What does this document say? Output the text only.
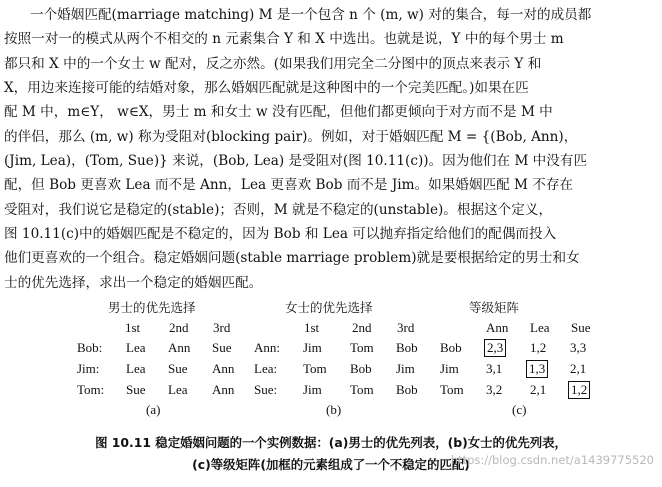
一个婚姻匹配(marriage matching) M 是一个包含 n 个 (m, w) 对的集合，每一对的成员都
按照一对一的模式从两个不相交的 n 元素集合 Y 和 X 中选出。也就是说，Y 中的每个男士 m
都只和 X 中的一个女士 w 配对，反之亦然。(如果我们用完全二分图中的顶点来表示 Y 和
X，用边来连接可能的结婚对象，那么婚姻匹配就是这种图中的一个完美匹配。)如果在匹
配 M 中，m∈Y， w∈X，男士 m 和女士 w 没有匹配，但他们都更倾向于对方而不是 M 中
的伴侣，那么 (m, w) 称为受阻对(blocking pair)。例如，对于婚姻匹配 M = {(Bob, Ann)，
(Jim, Lea)，(Tom, Sue)} 来说，(Bob, Lea) 是受阻对(图 10.11(c))。因为他们在 M 中没有匹
配，但 Bob 更喜欢 Lea 而不是 Ann，Lea 更喜欢 Bob 而不是 Jim。如果婚姻匹配 M 不存在
受阻对，我们说它是稳定的(stable)；否则，M 就是不稳定的(unstable)。根据这个定义，
图 10.11(c)中的婚姻匹配是不稳定的，因为 Bob 和 Lea 可以抛弃指定给他们的配偶而投入
他们更喜欢的一个组合。稳定婚姻问题(stable marriage problem)就是要根据给定的男士和女
士的优先选择，求出一个稳定的婚姻匹配。
男士的优先选择
1st 2nd 3rd
Bob: Lea Ann Sue
Jim: Lea Sue Ann
Tom: Sue Lea Ann
(a)
女士的优先选择
1st	2nd 3rd
Ann: Jim Tom Bob
Lea: Tom Bob Jim
Sue: Jim Tom Bob
(b)
等级矩阵
Ann Lea Sue
Bob 2,3 1,2 3,3
Jim 3,1 1,3 2,1
Tom 3,2 2,1 1,2
(c)
图 10.11 稳定婚姻问题的一个实例数据：(a)男士的优先列表，(b)女士的优先列表，
(c)等级矩阵(加框的元素组成了一个不稳定的匹配)
https://blog.csdn.net/a1439775520
